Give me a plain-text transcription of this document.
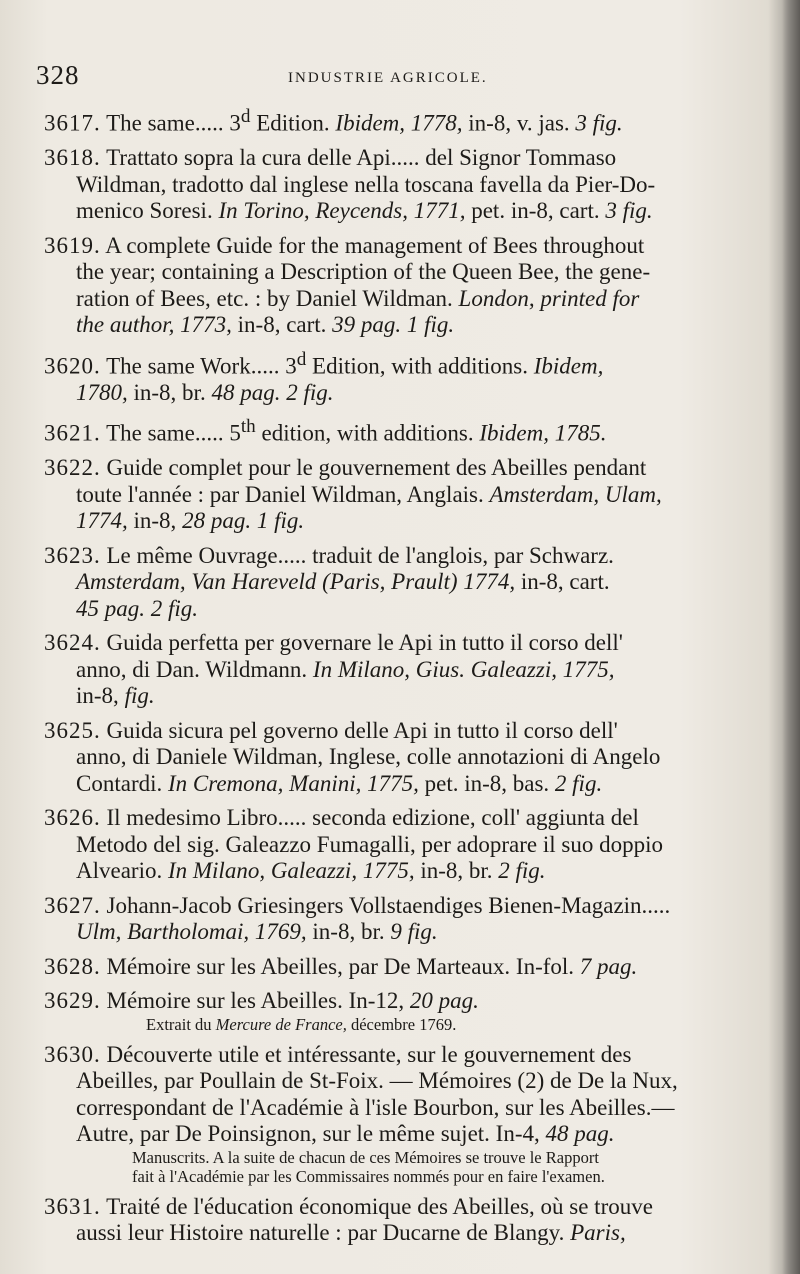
328	INDUSTRIE AGRICOLE.
3617. The same..... 3$^d$ Edition. Ibidem, 1778, in-8, v. jas. 3 fig.
3618. Trattato sopra la cura delle Api..... del Signor Tommaso
Wildman, tradotto dal inglese nella toscana favella da Pier-Do-
menico Soresi. In Torino, Reycends, 1771, pet. in-8, cart. 3 fig.
3619. A complete Guide for the management of Bees throughout
the year; containing a Description of the Queen Bee, the gene-
ration of Bees, etc. : by Daniel Wildman. London, printed for
the author, 1773, in-8, cart. 39 pag. 1 fig.
3620. The same Work..... 3$^d$ Edition, with additions. Ibidem,
1780, in-8, br. 48 pag. 2 fig.
3621. The same..... 5th edition, with additions. Ibidem, 1785.
3622. Guide complet pour le gouvernement des Abeilles pendant
toute l'année : par Daniel Wildman, Anglais. Amsterdam, Ulam,
1774, in-8, 28 pag. 1 fig.
3623. Le même Ouvrage..... traduit de l'anglois, par Schwarz.
Amsterdam, Van Hareveld (Paris, Prault) 1774, in-8, cart.
45 pag. 2 fig.
3624. Guida perfetta per governare le Api in tutto il corso dell'
anno, di Dan. Wildmann. In Milano, Gius. Galeazzi, 1775,
in-8, fig.
3625. Guida sicura pel governo delle Api in tutto il corso dell'
anno, di Daniele Wildman, Inglese, colle annotazioni di Angelo
Contardi. In Cremona, Manini, 1775, pet. in-8, bas. 2 fig.
3626. Il medesimo Libro..... seconda edizione, coll' aggiunta del
Metodo del sig. Galeazzo Fumagalli, per adoprare il suo doppio
Alveario. In Milano, Galeazzi, 1775, in-8, br. 2 fig.
3627. Johann-Jacob Griesingers Vollstaendiges Bienen-Magazin.....
Ulm, Bartholomai, 1769, in-8, br. 9 fig.
3628. Mémoire sur les Abeilles, par De Marteaux. In-fol. 7 pag.
3629. Mémoire sur les Abeilles. In-12, 20 pag.
Extrait du Mercure de France, décembre 1769.
3630. Découverte utile et intéressante, sur le gouvernement des
Abeilles, par Poullain de St-Foix. — Mémoires (2) de De la Nux,
correspondant de l'Académie à l'isle Bourbon, sur les Abeilles.—
Autre, par De Poinsignon, sur le même sujet. In-4, 48 pag.
Manuscrits. A la suite de chacun de ces Mémoires se trouve le Rapport
fait à l'Académie par les Commissaires nommés pour en faire l'examen.
3631. Traité de l'éducation économique des Abeilles, où se trouve
aussi leur Histoire naturelle : par Ducarne de Blangy. Paris,
